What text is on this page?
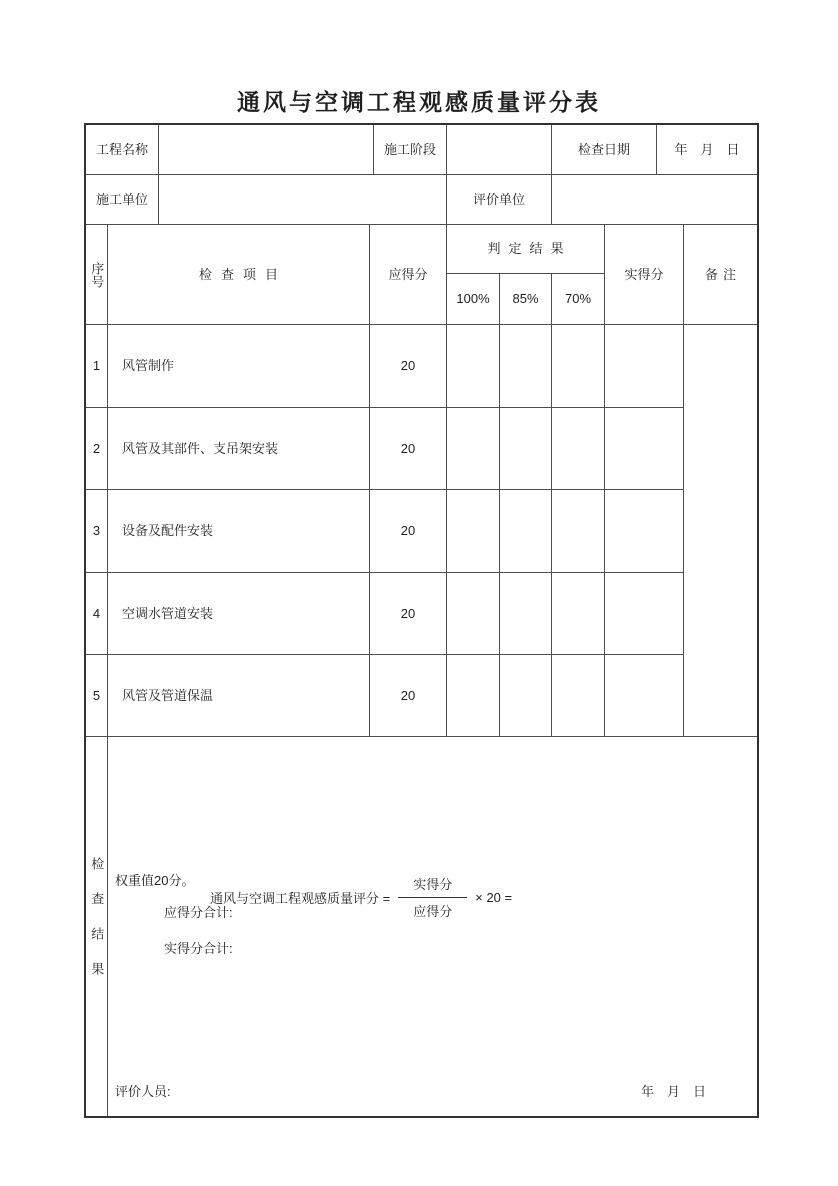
通风与空调工程观感质量评分表
工程名称	施工阶段	检查日期	年　月　日
施工单位	评价单位
序号	检查项目	应得分
判定结果
100%	85%	70%
实得分	备注
1	风管制作	20
2	风管及其部件、支吊架安装	20
3	设备及配件安装	20
4	空调水管道安装	20
5	风管及管道保温	20
检查结果 权重值20分。
应得分合计:
实得分合计:
通风与空调工程观感质量评分 = $\frac{\text{实得分}}{\text{应得分}} \times 20$ =
评价人员:	年　月　日
